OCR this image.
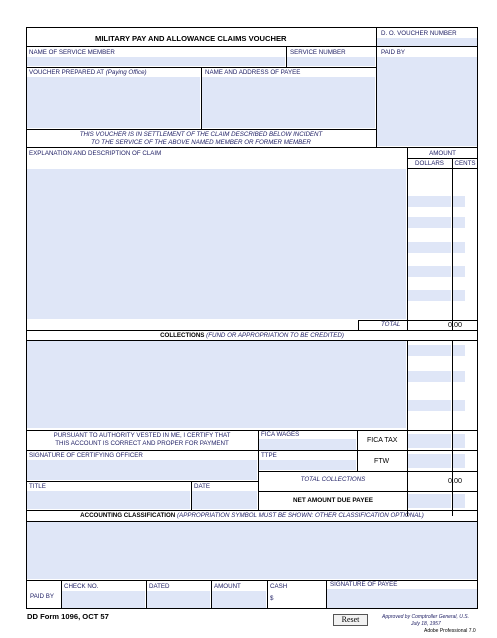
MILITARY PAY AND ALLOWANCE CLAIMS VOUCHER
D. O. VOUCHER NUMBER
PAID BY
NAME OF SERVICE MEMBER	SERVICE NUMBER
VOUCHER PREPARED AT (Paying Office)	NAME AND ADDRESS OF PAYEE
THIS VOUCHER IS IN SETTLEMENT OF THE CLAIM DESCRIBED BELOW INCIDENT
TO THE SERVICE OF THE ABOVE NAMED MEMBER OR FORMER MEMBER
EXPLANATION AND DESCRIPTION OF CLAIM	AMOUNT
DOLLARS	CENTS
TOTAL	0.00
COLLECTIONS (FUND OR APPROPRIATION TO BE CREDITED)
PURSUANT TO AUTHORITY VESTED IN ME, I CERTIFY THAT
THIS ACCOUNT IS CORRECT AND PROPER FOR PAYMENT
FICA WAGES
FICA TAX
SIGNATURE OF CERTIFYING OFFICER	TTPE
FTW
TOTAL COLLECTIONS	0.00
TITLE	DATE
NET AMOUNT DUE PAYEE
ACCOUNTING CLASSIFICATION (APPROPRIATION SYMBOL MUST BE SHOWN: OTHER CLASSIFICATION OPTIONAL)
PAID BY
CHECK NO.	DATED	AMOUNT	CASH
$
SIGNATURE OF PAYEE
DD Form 1096, OCT 57	Reset	Approved by Comptroller General, U.S.
July 18, 1957
Adobe Professional 7.0
